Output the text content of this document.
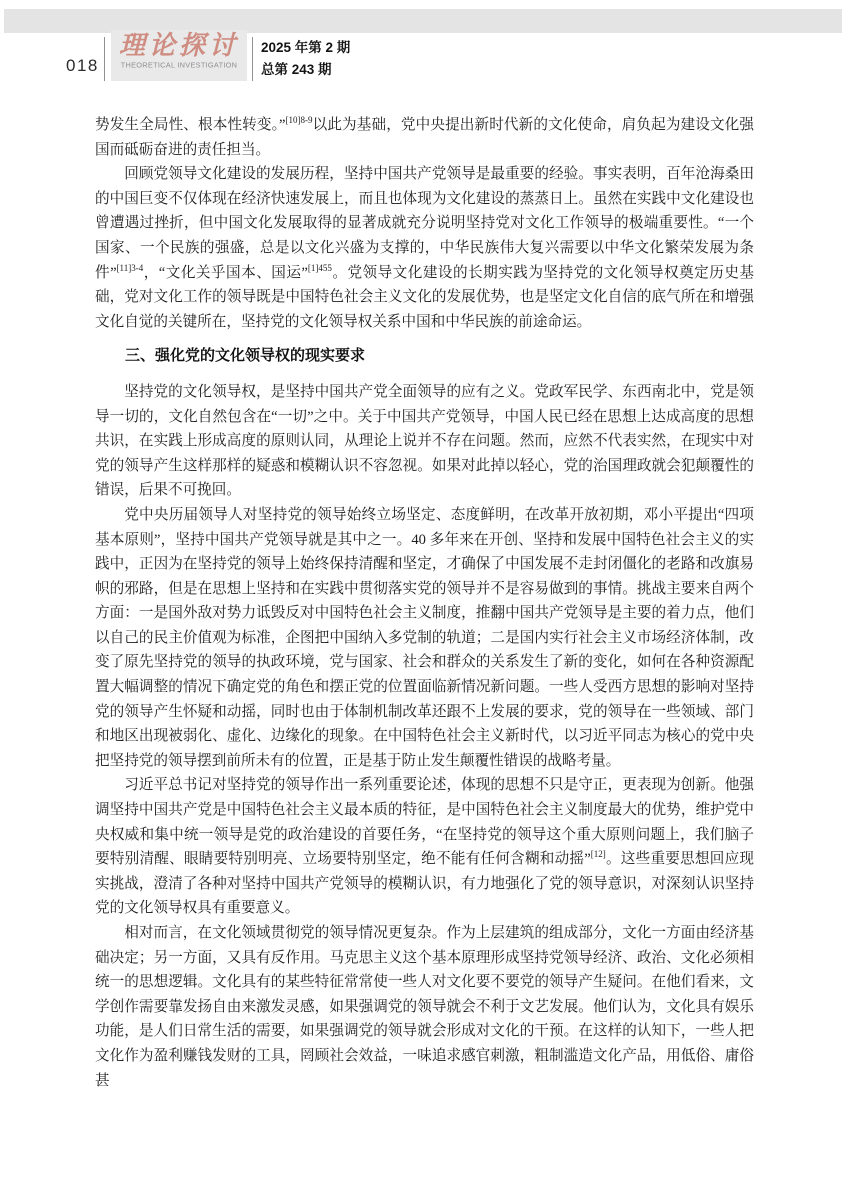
018
理论探讨
THEORETICAL INVESTIGATION
2025 年第 2 期
总第 243 期

势发生全局性、根本性转变。”$^{[10]8-9}$以此为基础，党中央提出新时代新的文化使命，肩负起为建设文化强国而砥砺奋进的责任担当。

回顾党领导文化建设的发展历程，坚持中国共产党领导是最重要的经验。事实表明，百年沧海桑田的中国巨变不仅体现在经济快速发展上，而且也体现为文化建设的蒸蒸日上。虽然在实践中文化建设也曾遭遇过挫折，但中国文化发展取得的显著成就充分说明坚持党对文化工作领导的极端重要性。“一个国家、一个民族的强盛，总是以文化兴盛为支撑的，中华民族伟大复兴需要以中华文化繁荣发展为条件”$^{[11]3-4}$，“文化关乎国本、国运”$^{[1]455}$。党领导文化建设的长期实践为坚持党的文化领导权奠定历史基础，党对文化工作的领导既是中国特色社会主义文化的发展优势，也是坚定文化自信的底气所在和增强文化自觉的关键所在，坚持党的文化领导权关系中国和中华民族的前途命运。

三、强化党的文化领导权的现实要求

坚持党的文化领导权，是坚持中国共产党全面领导的应有之义。党政军民学、东西南北中，党是领导一切的，文化自然包含在“一切”之中。关于中国共产党领导，中国人民已经在思想上达成高度的思想共识，在实践上形成高度的原则认同，从理论上说并不存在问题。然而，应然不代表实然，在现实中对党的领导产生这样那样的疑惑和模糊认识不容忽视。如果对此掉以轻心，党的治国理政就会犯颠覆性的错误，后果不可挽回。

党中央历届领导人对坚持党的领导始终立场坚定、态度鲜明，在改革开放初期，邓小平提出“四项基本原则”，坚持中国共产党领导就是其中之一。40 多年来在开创、坚持和发展中国特色社会主义的实践中，正因为在坚持党的领导上始终保持清醒和坚定，才确保了中国发展不走封闭僵化的老路和改旗易帜的邪路，但是在思想上坚持和在实践中贯彻落实党的领导并不是容易做到的事情。挑战主要来自两个方面：一是国外敌对势力诋毁反对中国特色社会主义制度，推翻中国共产党领导是主要的着力点，他们以自己的民主价值观为标准，企图把中国纳入多党制的轨道；二是国内实行社会主义市场经济体制，改变了原先坚持党的领导的执政环境，党与国家、社会和群众的关系发生了新的变化，如何在各种资源配置大幅调整的情况下确定党的角色和摆正党的位置面临新情况新问题。一些人受西方思想的影响对坚持党的领导产生怀疑和动摇，同时也由于体制机制改革还跟不上发展的要求，党的领导在一些领域、部门和地区出现被弱化、虚化、边缘化的现象。在中国特色社会主义新时代，以习近平同志为核心的党中央把坚持党的领导摆到前所未有的位置，正是基于防止发生颠覆性错误的战略考量。

习近平总书记对坚持党的领导作出一系列重要论述，体现的思想不只是守正，更表现为创新。他强调坚持中国共产党是中国特色社会主义最本质的特征，是中国特色社会主义制度最大的优势，维护党中央权威和集中统一领导是党的政治建设的首要任务，“在坚持党的领导这个重大原则问题上，我们脑子要特别清醒、眼睛要特别明亮、立场要特别坚定，绝不能有任何含糊和动摇”[12]。这些重要思想回应现实挑战，澄清了各种对坚持中国共产党领导的模糊认识，有力地强化了党的领导意识，对深刻认识坚持党的文化领导权具有重要意义。

相对而言，在文化领域贯彻党的领导情况更复杂。作为上层建筑的组成部分，文化一方面由经济基础决定；另一方面，又具有反作用。马克思主义这个基本原理形成坚持党领导经济、政治、文化必须相统一的思想逻辑。文化具有的某些特征常常使一些人对文化要不要党的领导产生疑问。在他们看来，文学创作需要靠发扬自由来激发灵感，如果强调党的领导就会不利于文艺发展。他们认为，文化具有娱乐功能，是人们日常生活的需要，如果强调党的领导就会形成对文化的干预。在这样的认知下，一些人把文化作为盈利赚钱发财的工具，罔顾社会效益，一味追求感官刺激，粗制滥造文化产品，用低俗、庸俗甚
